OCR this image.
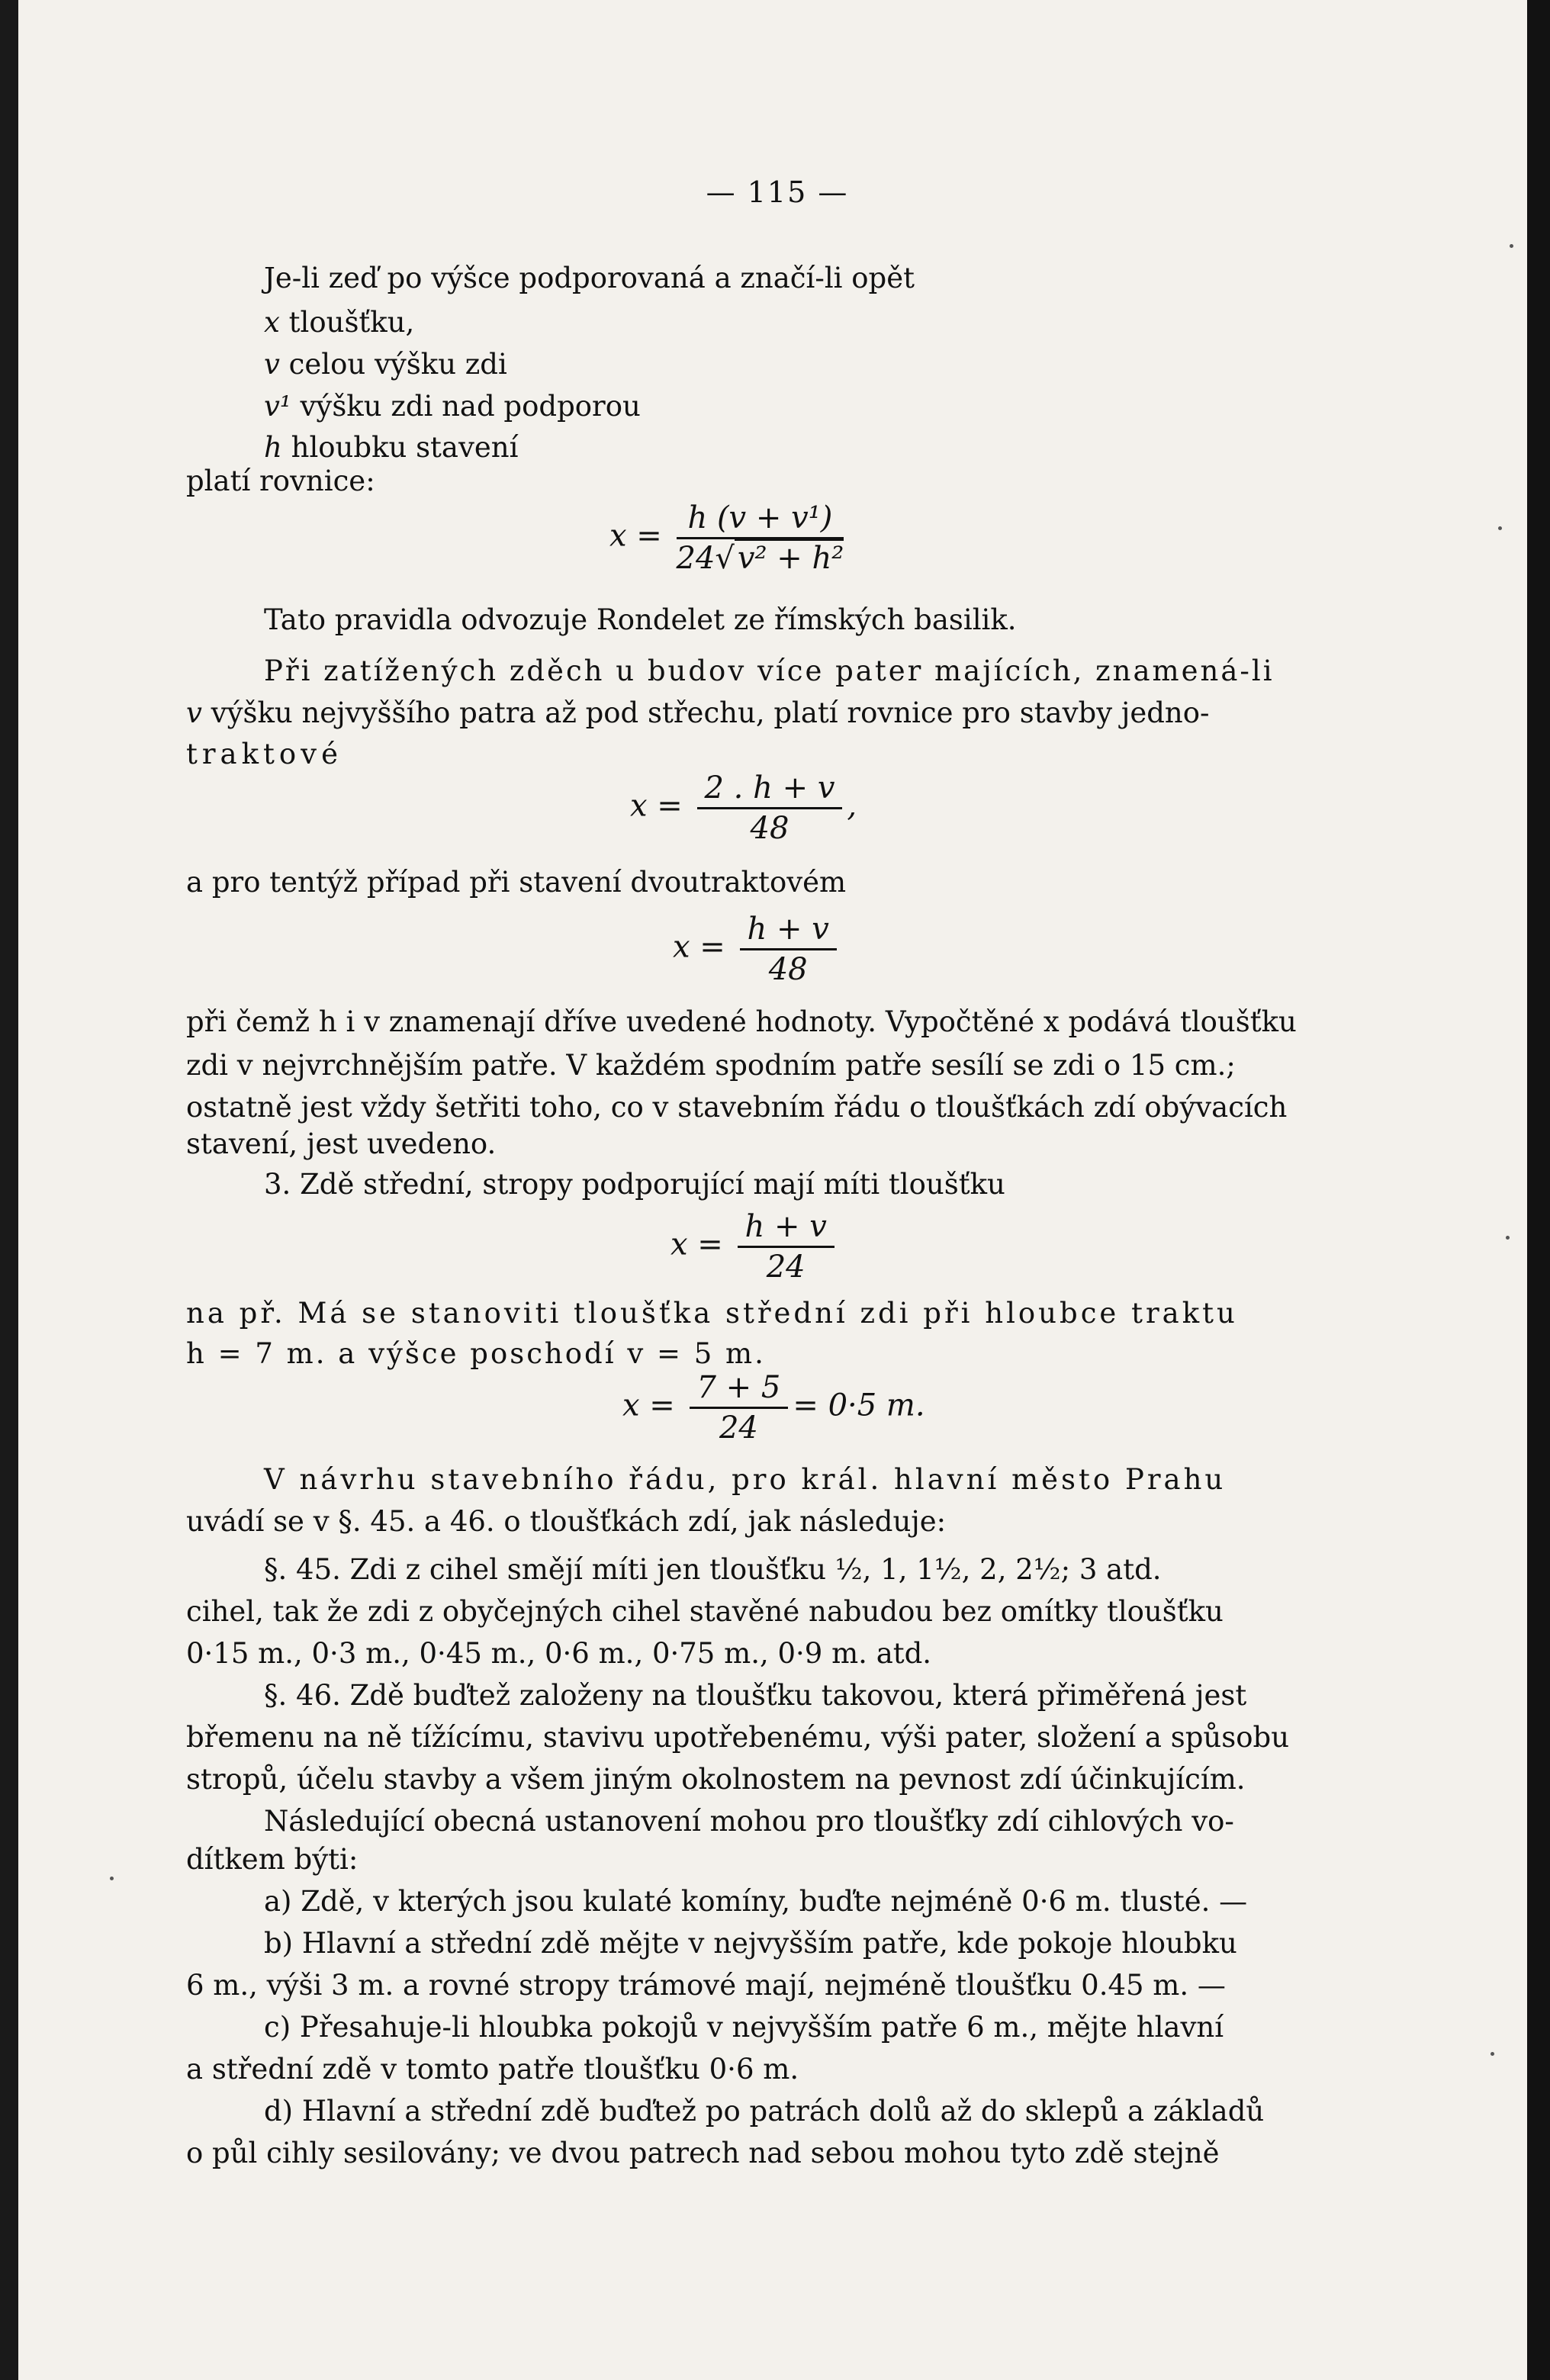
— 115 —
Je-li zeď po výšce podporovaná a značí-li opět
x tloušťku,
v celou výšku zdi
v¹ výšku zdi nad podporou
h hloubku stavení
platí rovnice:
$x = \frac{\text{h (v + v¹)}}{\text{24√ v² + h²}}$
Tato pravidla odvozuje Rondelet ze římských basilik.
Při zatížených zděch u budov více pater majících, znamená-li
v výšku nejvyššího patra až pod střechu, platí rovnice pro stavby jedno-
traktové
$x = \frac{2 . h + v}{48}$ ,
a pro tentýž případ při stavení dvoutraktovém
$x = \frac{h + v}{48}$
při čemž h i v znamenají dříve uvedené hodnoty. Vypočtěné x podává tloušťku
zdi v nejvrchnějším patře. V každém spodním patře sesílí se zdi o 15 cm.;
ostatně jest vždy šetřiti toho, co v stavebním řádu o tloušťkách zdí obývacích
stavení, jest uvedeno.
3. Zdě střední, stropy podporující mají míti tloušťku
$x = \frac{h + v}{24}$
na př. Má se stanoviti tloušťka střední zdi při hloubce traktu
h = 7 m. a výšce poschodí v = 5 m.
$x = \frac{7 + 5}{24} = 0\cdot 5$ m.
V návrhu stavebního řádu, pro král. hlavní město Prahu
uvádí se v §. 45. a 46. o tloušťkách zdí, jak následuje:
§. 45. Zdi z cihel smějí míti jen tloušťku ½, 1, 1½, 2, 2½; 3 atd.
cihel, tak že zdi z obyčejných cihel stavěné nabudou bez omítky tloušťku
0·15 m., 0·3 m., 0·45 m., 0·6 m., 0·75 m., 0·9 m. atd.
§. 46. Zdě buďtež založeny na tloušťku takovou, která přiměřená jest
břemenu na ně tížícímu, stavivu upotřebenému, výši pater, složení a spůsobu
stropů, účelu stavby a všem jiným okolnostem na pevnost zdí účinkujícím.
Následující obecná ustanovení mohou pro tloušťky zdí cihlových vo-
dítkem býti:
a) Zdě, v kterých jsou kulaté komíny, buďte nejméně 0·6 m. tlusté. —
b) Hlavní a střední zdě mějte v nejvyšším patře, kde pokoje hloubku
6 m., výši 3 m. a rovné stropy trámové mají, nejméně tloušťku 0.45 m. —
c) Přesahuje-li hloubka pokojů v nejvyšším patře 6 m., mějte hlavní
a střední zdě v tomto patře tloušťku 0·6 m.
d) Hlavní a střední zdě buďtež po patrách dolů až do sklepů a základů
o půl cihly sesilovány; ve dvou patrech nad sebou mohou tyto zdě stejně
